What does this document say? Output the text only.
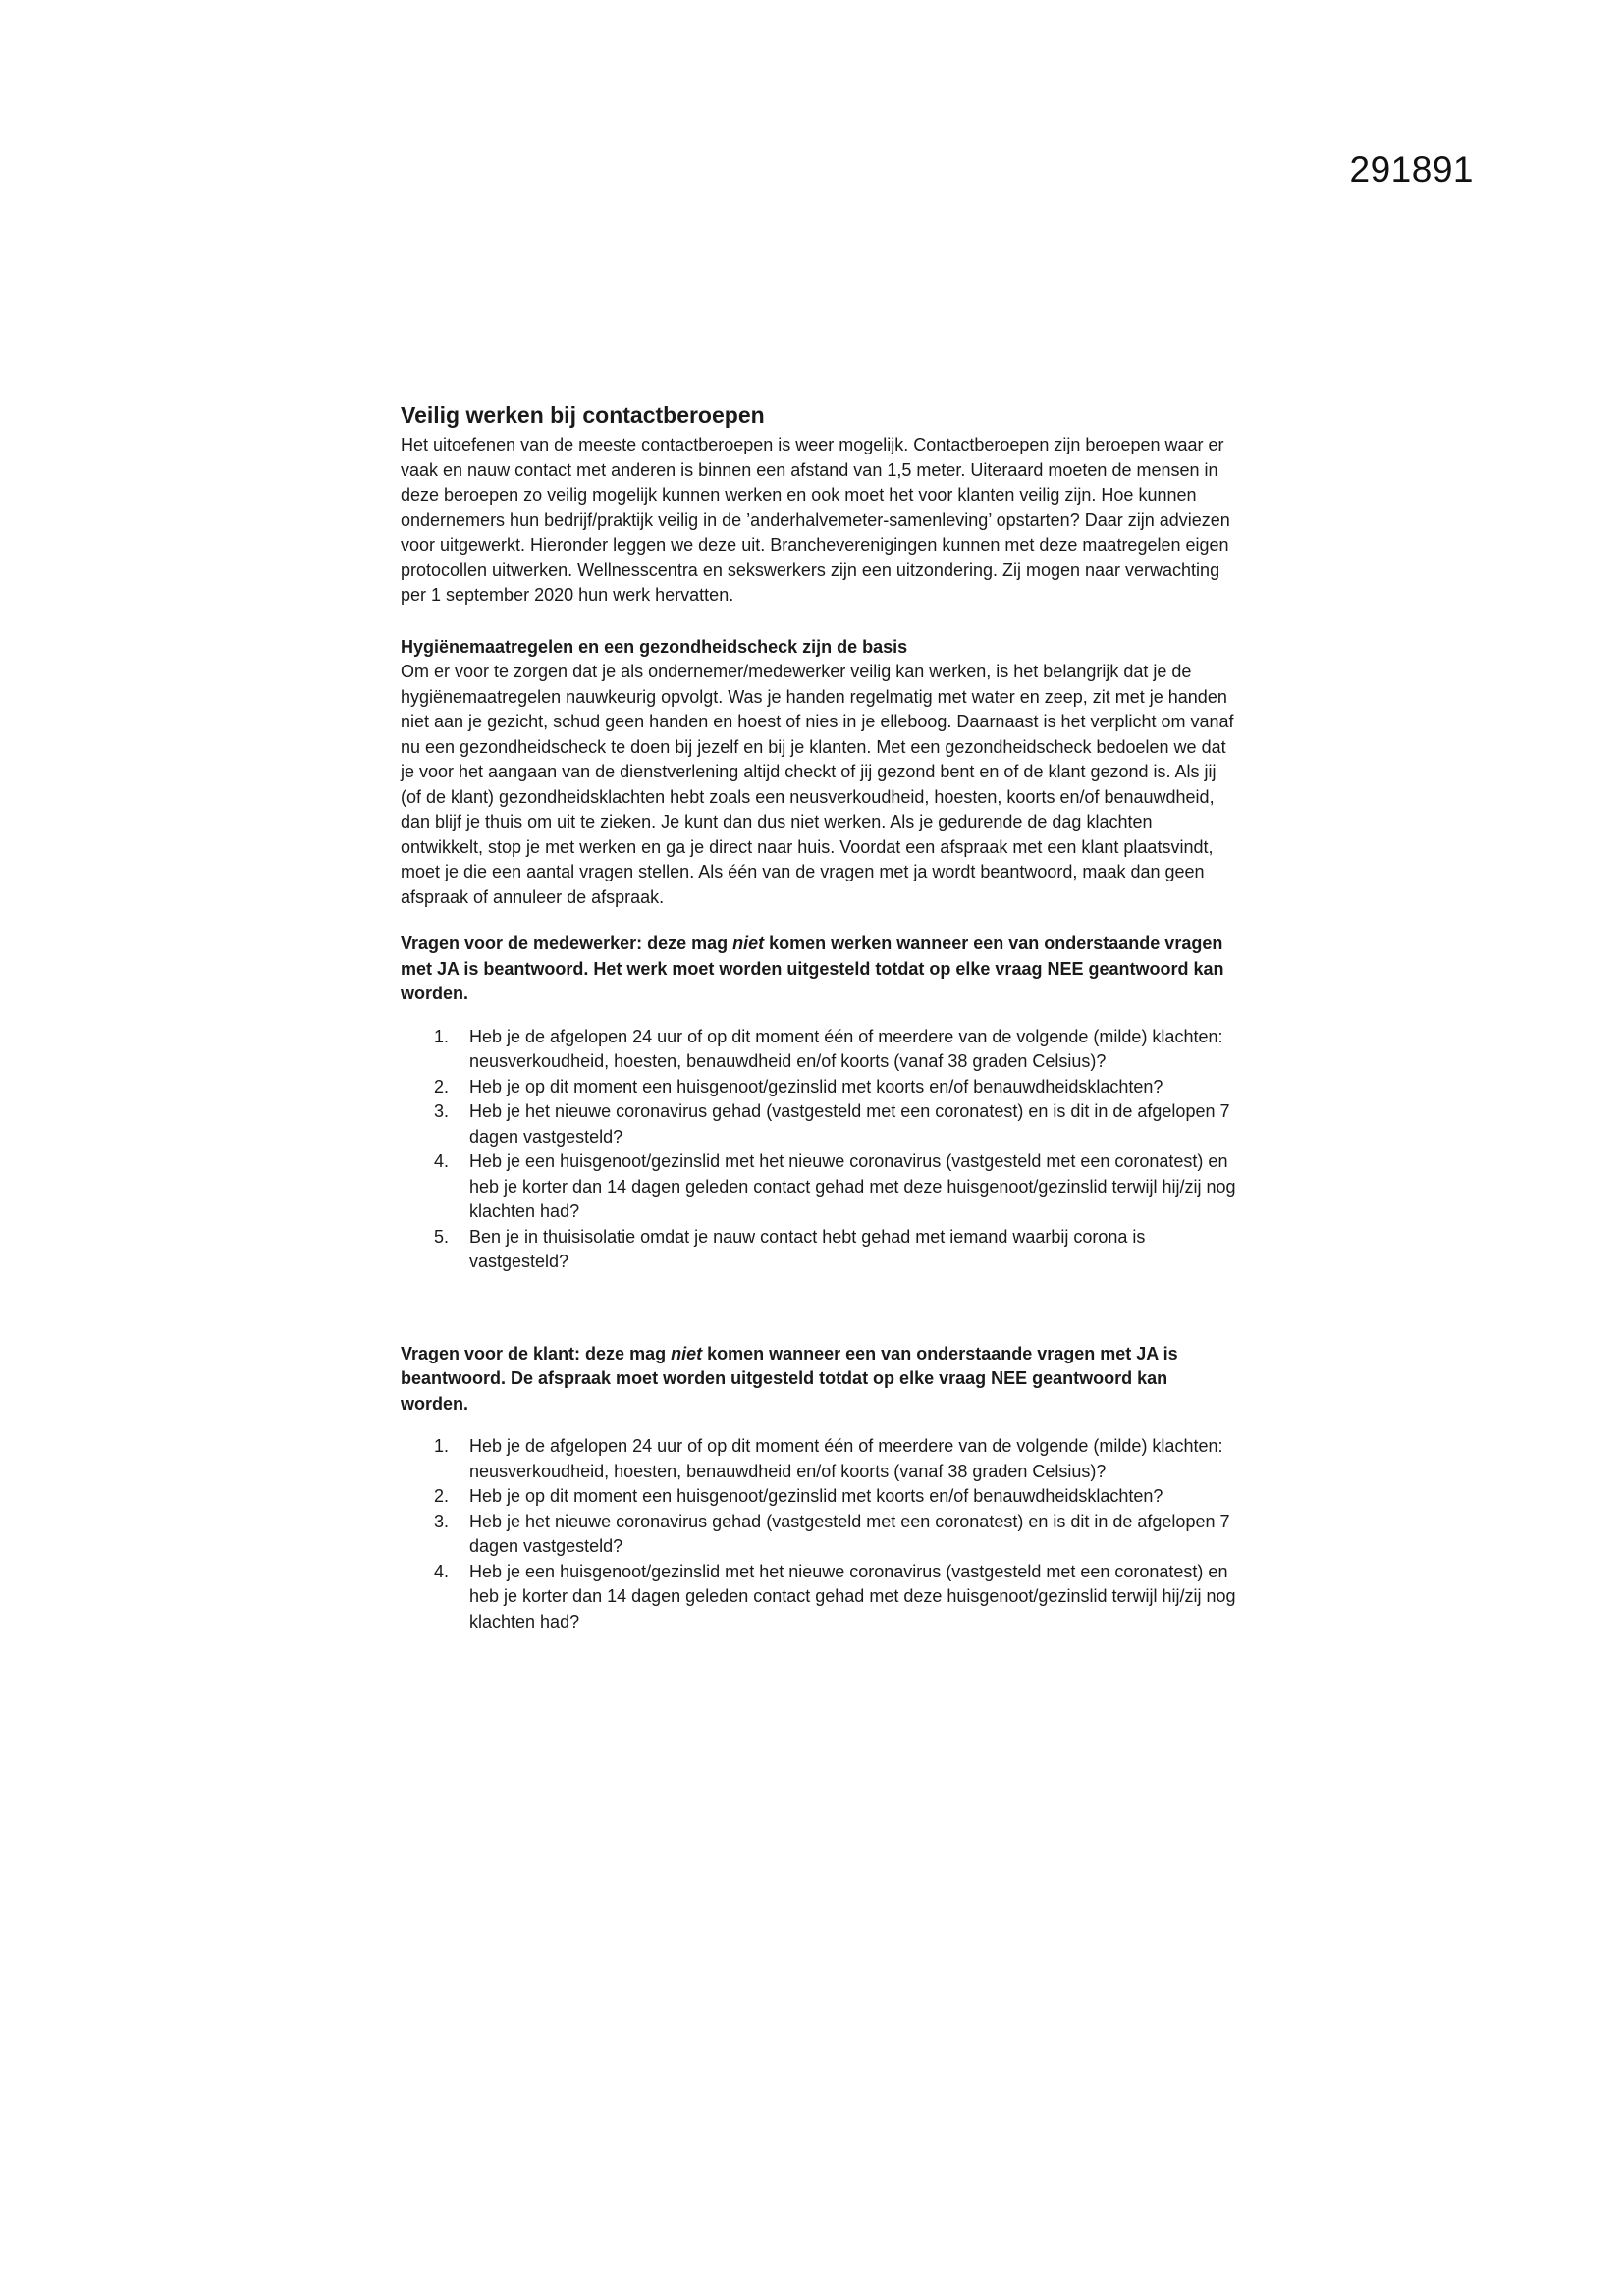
291891
Veilig werken bij contactberoepen

Het uitoefenen van de meeste contactberoepen is weer mogelijk. Contactberoepen zijn beroepen waar er vaak en nauw contact met anderen is binnen een afstand van 1,5 meter. Uiteraard moeten de mensen in deze beroepen zo veilig mogelijk kunnen werken en ook moet het voor klanten veilig zijn. Hoe kunnen ondernemers hun bedrijf/praktijk veilig in de ’anderhalvemeter-samenleving’ opstarten? Daar zijn adviezen voor uitgewerkt. Hieronder leggen we deze uit. Brancheverenigingen kunnen met deze maatregelen eigen protocollen uitwerken. Wellnesscentra en sekswerkers zijn een uitzondering. Zij mogen naar verwachting per 1 september 2020 hun werk hervatten.

Hygiënemaatregelen en een gezondheidscheck zijn de basis

Om er voor te zorgen dat je als ondernemer/medewerker veilig kan werken, is het belangrijk dat je de hygiënemaatregelen nauwkeurig opvolgt. Was je handen regelmatig met water en zeep, zit met je handen niet aan je gezicht, schud geen handen en hoest of nies in je elleboog. Daarnaast is het verplicht om vanaf nu een gezondheidscheck te doen bij jezelf en bij je klanten. Met een gezondheidscheck bedoelen we dat je voor het aangaan van de dienstverlening altijd checkt of jij gezond bent en of de klant gezond is. Als jij (of de klant) gezondheidsklachten hebt zoals een neusverkoudheid, hoesten, koorts en/of benauwdheid, dan blijf je thuis om uit te zieken. Je kunt dan dus niet werken. Als je gedurende de dag klachten ontwikkelt, stop je met werken en ga je direct naar huis. Voordat een afspraak met een klant plaatsvindt, moet je die een aantal vragen stellen. Als één van de vragen met ja wordt beantwoord, maak dan geen afspraak of annuleer de afspraak.

Vragen voor de medewerker: deze mag niet komen werken wanneer een van onderstaande vragen met JA is beantwoord. Het werk moet worden uitgesteld totdat op elke vraag NEE geantwoord kan worden.

1. Heb je de afgelopen 24 uur of op dit moment één of meerdere van de volgende (milde) klachten: neusverkoudheid, hoesten, benauwdheid en/of koorts (vanaf 38 graden Celsius)?
2. Heb je op dit moment een huisgenoot/gezinslid met koorts en/of benauwdheidsklachten?
3. Heb je het nieuwe coronavirus gehad (vastgesteld met een coronatest) en is dit in de afgelopen 7 dagen vastgesteld?
4. Heb je een huisgenoot/gezinslid met het nieuwe coronavirus (vastgesteld met een coronatest) en heb je korter dan 14 dagen geleden contact gehad met deze huisgenoot/gezinslid terwijl hij/zij nog klachten had?
5. Ben je in thuisisolatie omdat je nauw contact hebt gehad met iemand waarbij corona is vastgesteld?

Vragen voor de klant: deze mag niet komen wanneer een van onderstaande vragen met JA is beantwoord. De afspraak moet worden uitgesteld totdat op elke vraag NEE geantwoord kan worden.

1. Heb je de afgelopen 24 uur of op dit moment één of meerdere van de volgende (milde) klachten: neusverkoudheid, hoesten, benauwdheid en/of koorts (vanaf 38 graden Celsius)?
2. Heb je op dit moment een huisgenoot/gezinslid met koorts en/of benauwdheidsklachten?
3. Heb je het nieuwe coronavirus gehad (vastgesteld met een coronatest) en is dit in de afgelopen 7 dagen vastgesteld?
4. Heb je een huisgenoot/gezinslid met het nieuwe coronavirus (vastgesteld met een coronatest) en heb je korter dan 14 dagen geleden contact gehad met deze huisgenoot/gezinslid terwijl hij/zij nog klachten had?
